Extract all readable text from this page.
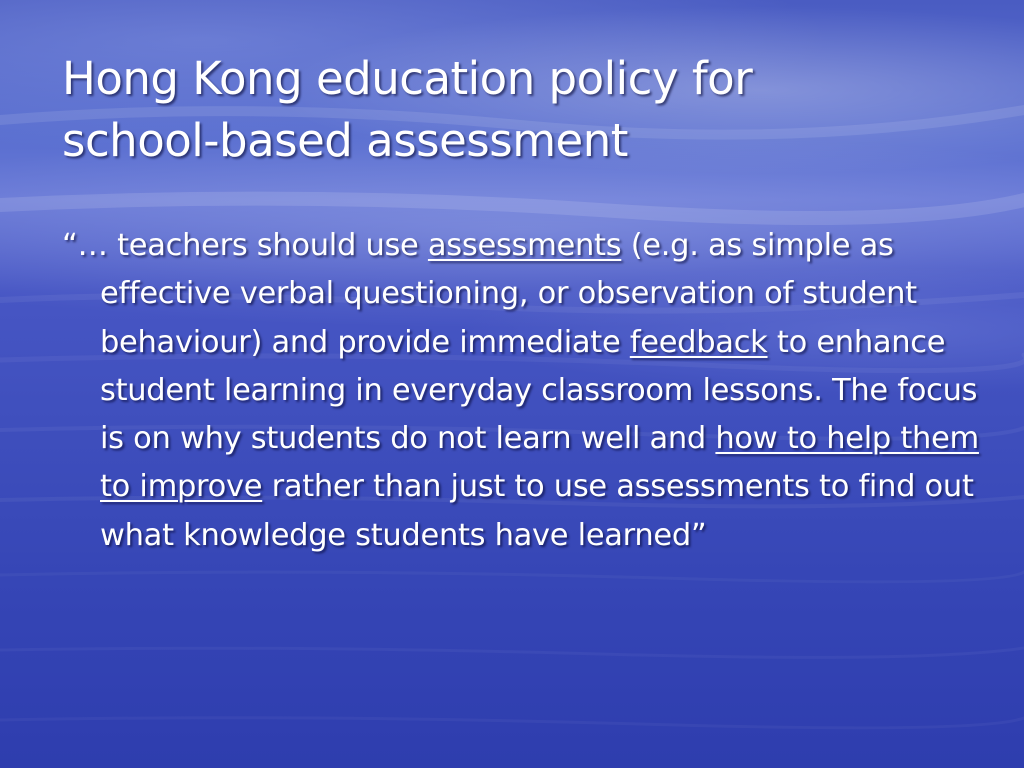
Hong Kong education policy for
school-based assessment

“… teachers should use assessments (e.g. as simple as effective verbal questioning, or observation of student behaviour) and provide immediate feedback to enhance student learning in everyday classroom lessons. The focus is on why students do not learn well and how to help them to improve rather than just to use assessments to find out what knowledge students have learned”
